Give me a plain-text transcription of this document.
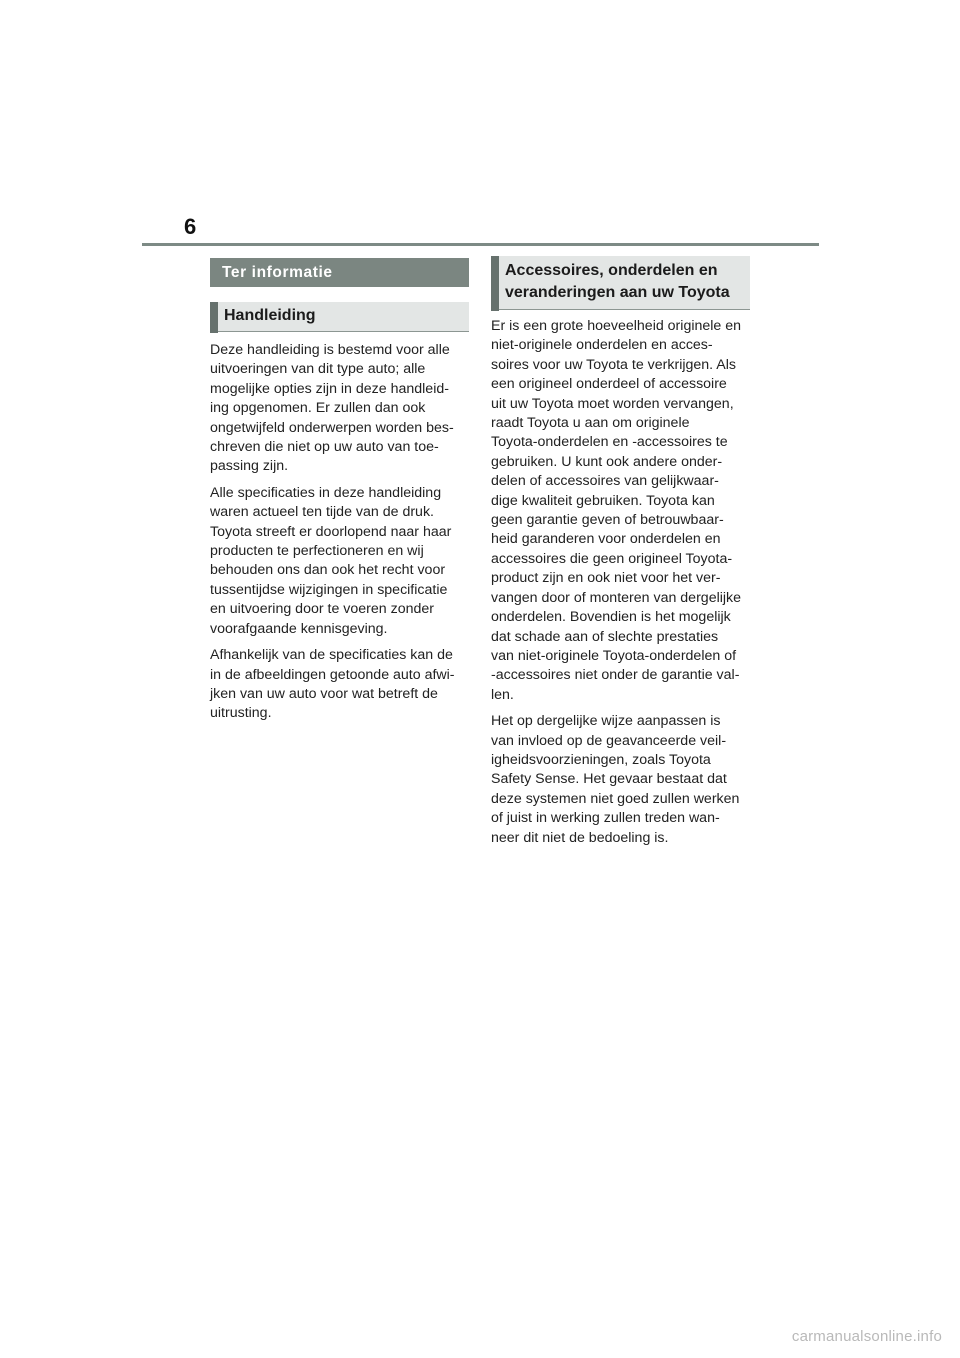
6
Ter informatie
Handleiding

Deze handleiding is bestemd voor alle
uitvoeringen van dit type auto; alle
mogelijke opties zijn in deze handleid-
ing opgenomen. Er zullen dan ook
ongetwijfeld onderwerpen worden bes-
chreven die niet op uw auto van toe-
passing zijn.

Alle specificaties in deze handleiding
waren actueel ten tijde van de druk.
Toyota streeft er doorlopend naar haar
producten te perfectioneren en wij
behouden ons dan ook het recht voor
tussentijdse wijzigingen in specificatie
en uitvoering door te voeren zonder
voorafgaande kennisgeving.

Afhankelijk van de specificaties kan de
in de afbeeldingen getoonde auto afwi-
jken van uw auto voor wat betreft de
uitrusting.

Accessoires, onderdelen en
veranderingen aan uw Toyota

Er is een grote hoeveelheid originele en
niet-originele onderdelen en acces-
soires voor uw Toyota te verkrijgen. Als
een origineel onderdeel of accessoire
uit uw Toyota moet worden vervangen,
raadt Toyota u aan om originele
Toyota-onderdelen en -accessoires te
gebruiken. U kunt ook andere onder-
delen of accessoires van gelijkwaar-
dige kwaliteit gebruiken. Toyota kan
geen garantie geven of betrouwbaar-
heid garanderen voor onderdelen en
accessoires die geen origineel Toyota-
product zijn en ook niet voor het ver-
vangen door of monteren van dergelijke
onderdelen. Bovendien is het mogelijk
dat schade aan of slechte prestaties
van niet-originele Toyota-onderdelen of
-accessoires niet onder de garantie val-
len.

Het op dergelijke wijze aanpassen is
van invloed op de geavanceerde veil-
igheidsvoorzieningen, zoals Toyota
Safety Sense. Het gevaar bestaat dat
deze systemen niet goed zullen werken
of juist in werking zullen treden wan-
neer dit niet de bedoeling is.

carmanualsonline.info
